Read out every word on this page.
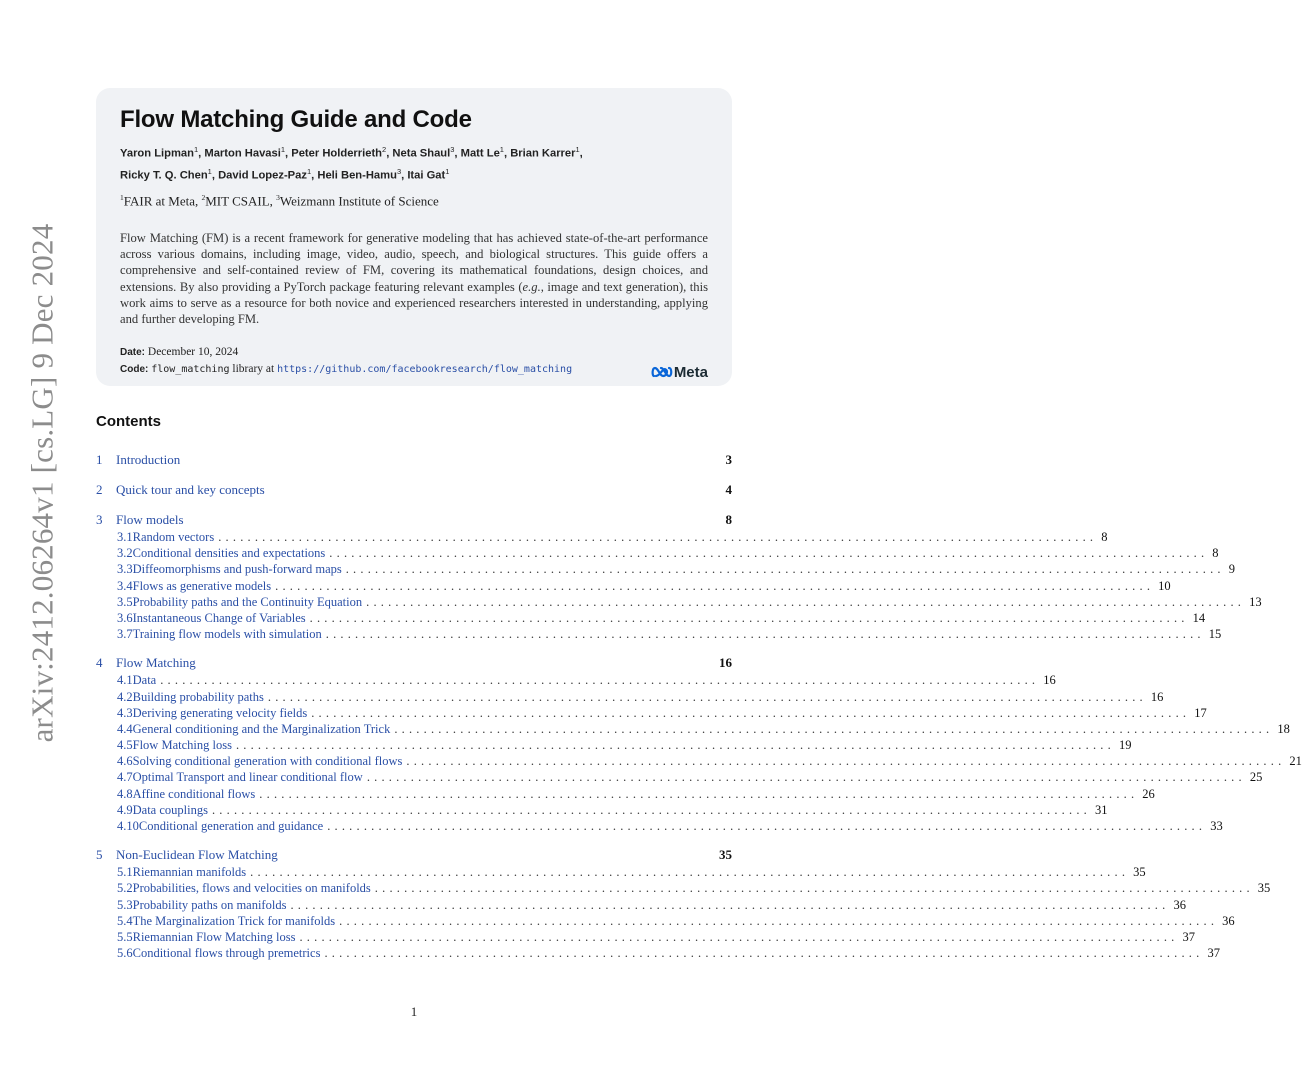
arXiv:2412.06264v1 [cs.LG] 9 Dec 2024
Flow Matching Guide and Code
Yaron Lipman$^1$, Marton Havasi$^1$, Peter Holderrieth$^2$, Neta Shaul$^3$, Matt Le$^1$, Brian Karrer$^1$,
Ricky T. Q. Chen$^1$, David Lopez-Paz$^1$, Heli Ben-Hamu$^3$, Itai Gat$^1$
$^1$FAIR at Meta, $^2$MIT CSAIL, $^3$Weizmann Institute of Science
Flow Matching (FM) is a recent framework for generative modeling that has achieved state-of-the-art performance across various domains, including image, video, audio, speech, and biological structures. This guide offers a comprehensive and self-contained review of FM, covering its mathematical foundations, design choices, and extensions. By also providing a PyTorch package featuring relevant examples (e.g., image and text generation), this work aims to serve as a resource for both novice and experienced researchers interested in understanding, applying and further developing FM.
Date: December 10, 2024
Code: flow_matching library at https://github.com/facebookresearch/flow_matching	Meta
Contents
1	Introduction	3
2	Quick tour and key concepts	4
3	Flow models	8
3.1 Random vectors ........................................................................................................................ 8
3.2 Conditional densities and expectations ........................................................................................................................ 8
3.3 Diffeomorphisms and push-forward maps ........................................................................................................................ 9
3.4 Flows as generative models ........................................................................................................................ 10
3.5 Probability paths and the Continuity Equation ........................................................................................................................ 13
3.6 Instantaneous Change of Variables ........................................................................................................................ 14
3.7 Training flow models with simulation ........................................................................................................................ 15
4	Flow Matching	16
4.1 Data ........................................................................................................................ 16
4.2 Building probability paths ........................................................................................................................ 16
4.3 Deriving generating velocity fields ........................................................................................................................ 17
4.4 General conditioning and the Marginalization Trick ........................................................................................................................ 18
4.5 Flow Matching loss ........................................................................................................................ 19
4.6 Solving conditional generation with conditional flows ........................................................................................................................ 21
4.7 Optimal Transport and linear conditional flow ........................................................................................................................ 25
4.8 Affine conditional flows ........................................................................................................................ 26
4.9 Data couplings ........................................................................................................................ 31
4.10 Conditional generation and guidance ........................................................................................................................ 33
5	Non-Euclidean Flow Matching	35
5.1 Riemannian manifolds ........................................................................................................................ 35
5.2 Probabilities, flows and velocities on manifolds ........................................................................................................................ 35
5.3 Probability paths on manifolds ........................................................................................................................ 36
5.4 The Marginalization Trick for manifolds ........................................................................................................................ 36
5.5 Riemannian Flow Matching loss ........................................................................................................................ 37
5.6 Conditional flows through premetrics ........................................................................................................................ 37
1
